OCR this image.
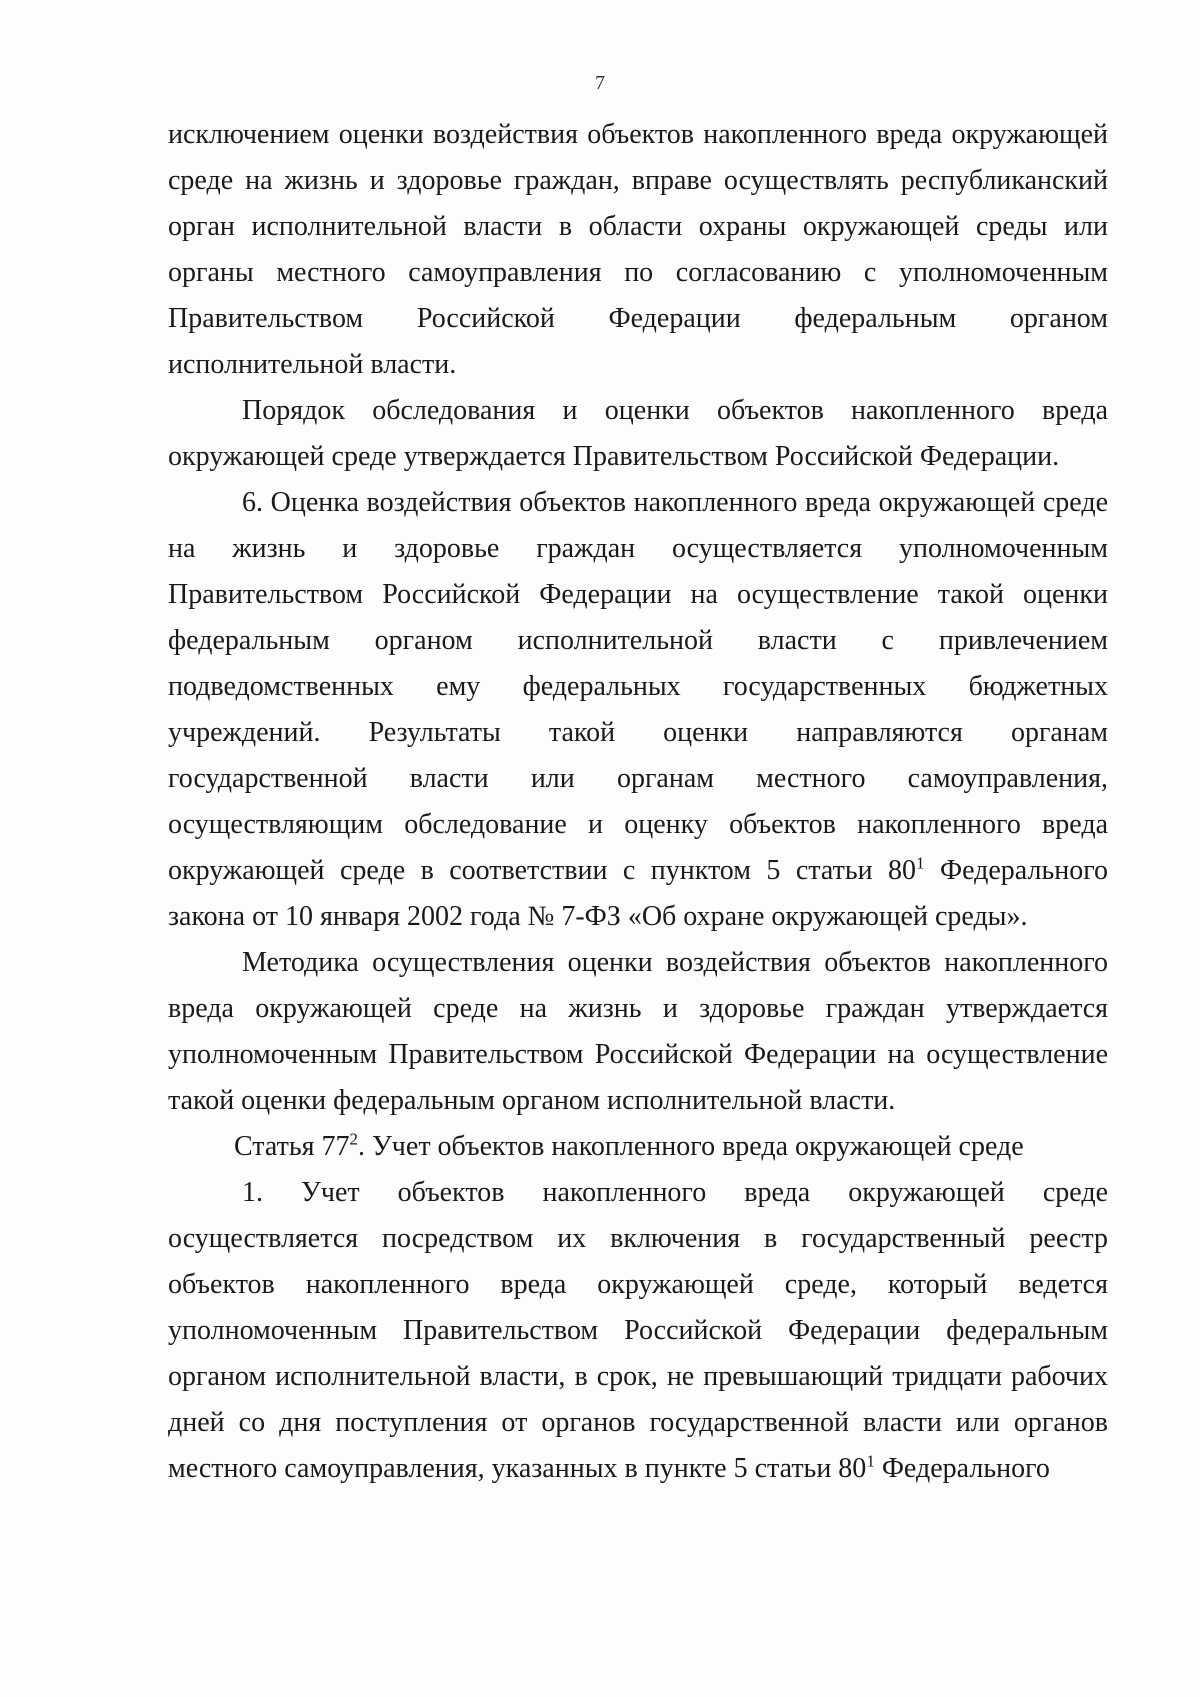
7

исключением оценки воздействия объектов накопленного вреда окружающей среде на жизнь и здоровье граждан, вправе осуществлять республиканский орган исполнительной власти в области охраны окружающей среды или органы местного самоуправления по согласованию с уполномоченным Правительством Российской Федерации федеральным органом исполнительной власти.

Порядок обследования и оценки объектов накопленного вреда окружающей среде утверждается Правительством Российской Федерации.

6. Оценка воздействия объектов накопленного вреда окружающей среде на жизнь и здоровье граждан осуществляется уполномоченным Правительством Российской Федерации на осуществление такой оценки федеральным органом исполнительной власти с привлечением подведомственных ему федеральных государственных бюджетных учреждений. Результаты такой оценки направляются органам государственной власти или органам местного самоуправления, осуществляющим обследование и оценку объектов накопленного вреда окружающей среде в соответствии с пунктом 5 статьи $80^1$ Федерального закона от 10 января 2002 года № 7-ФЗ «Об охране окружающей среды».

Методика осуществления оценки воздействия объектов накопленного вреда окружающей среде на жизнь и здоровье граждан утверждается уполномоченным Правительством Российской Федерации на осуществление такой оценки федеральным органом исполнительной власти.

Статья $77^2$. Учет объектов накопленного вреда окружающей среде

1. Учет объектов накопленного вреда окружающей среде осуществляется посредством их включения в государственный реестр объектов накопленного вреда окружающей среде, который ведется уполномоченным Правительством Российской Федерации федеральным органом исполнительной власти, в срок, не превышающий тридцати рабочих дней со дня поступления от органов государственной власти или органов местного самоуправления, указанных в пункте 5 статьи $80^1$ Федерального
